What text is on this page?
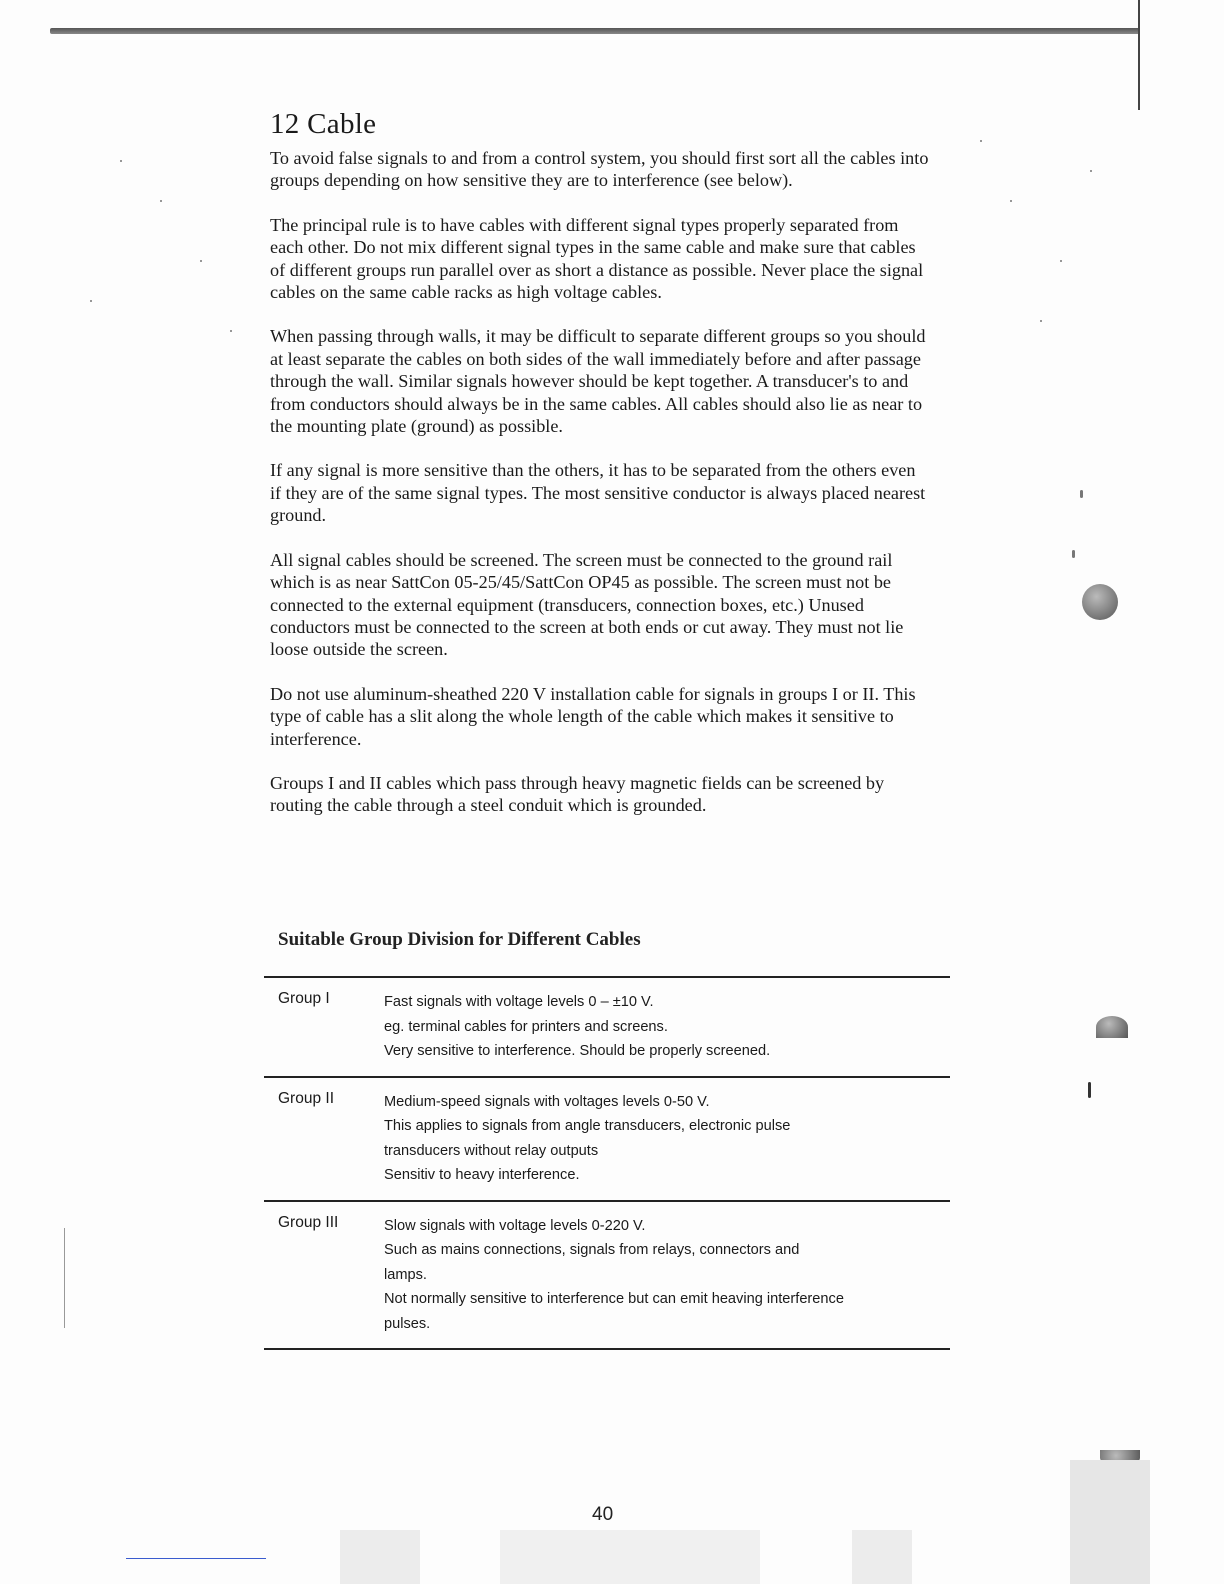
12 Cable

To avoid false signals to and from a control system, you should first sort all the cables into groups depending on how sensitive they are to interference (see below).

The principal rule is to have cables with different signal types properly separated from each other. Do not mix different signal types in the same cable and make sure that cables of different groups run parallel over as short a distance as possible. Never place the signal cables on the same cable racks as high voltage cables.

When passing through walls, it may be difficult to separate different groups so you should at least separate the cables on both sides of the wall immediately before and after passage through the wall. Similar signals however should be kept together. A transducer's to and from conductors should always be in the same cables. All cables should also lie as near to the mounting plate (ground) as possible.

If any signal is more sensitive than the others, it has to be separated from the others even if they are of the same signal types. The most sensitive conductor is always placed nearest ground.

All signal cables should be screened. The screen must be connected to the ground rail which is as near SattCon 05-25/45/SattCon OP45 as possible. The screen must not be connected to the external equipment (transducers, connection boxes, etc.) Unused conductors must be connected to the screen at both ends or cut away. They must not lie loose outside the screen.

Do not use aluminum-sheathed 220 V installation cable for signals in groups I or II. This type of cable has a slit along the whole length of the cable which makes it sensitive to interference.

Groups I and II cables which pass through heavy magnetic fields can be screened by routing the cable through a steel conduit which is grounded.

Suitable Group Division for Different Cables
Group I	Fast signals with voltage levels 0 – ±10 V.
eg. terminal cables for printers and screens.
Very sensitive to interference. Should be properly screened.
Group II	Medium-speed signals with voltages levels 0-50 V.
This applies to signals from angle transducers, electronic pulse
transducers without relay outputs
Sensitiv to heavy interference.
Group III	Slow signals with voltage levels 0-220 V.
Such as mains connections, signals from relays, connectors and
lamps.
Not normally sensitive to interference but can emit heaving interference
pulses.
40
